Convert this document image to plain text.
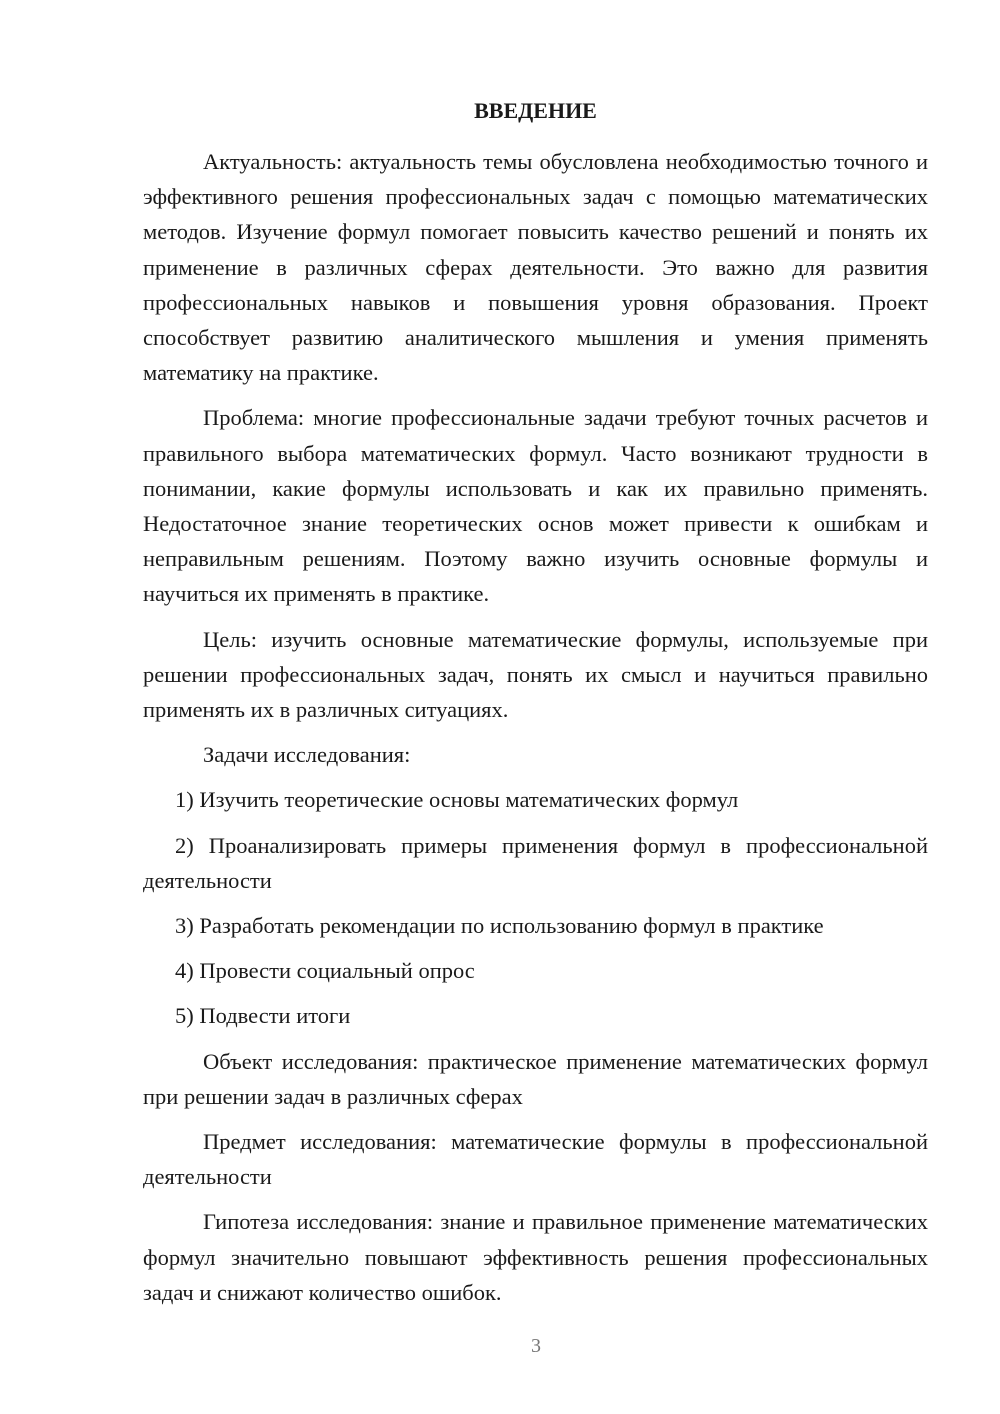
ВВЕДЕНИЕ

Актуальность: актуальность темы обусловлена необходимостью точного и эффективного решения профессиональных задач с помощью математических методов. Изучение формул помогает повысить качество решений и понять их применение в различных сферах деятельности. Это важно для развития профессиональных навыков и повышения уровня образования. Проект способствует развитию аналитического мышления и умения применять математику на практике.

Проблема: многие профессиональные задачи требуют точных расчетов и правильного выбора математических формул. Часто возникают трудности в понимании, какие формулы использовать и как их правильно применять. Недостаточное знание теоретических основ может привести к ошибкам и неправильным решениям. Поэтому важно изучить основные формулы и научиться их применять в практике.

Цель: изучить основные математические формулы, используемые при решении профессиональных задач, понять их смысл и научиться правильно применять их в различных ситуациях.

Задачи исследования:

1) Изучить теоретические основы математических формул

2) Проанализировать примеры применения формул в профессиональной деятельности

3) Разработать рекомендации по использованию формул в практике

4) Провести социальный опрос

5) Подвести итоги

Объект исследования: практическое применение математических формул при решении задач в различных сферах

Предмет исследования: математические формулы в профессиональной деятельности

Гипотеза исследования: знание и правильное применение математических формул значительно повышают эффективность решения профессиональных задач и снижают количество ошибок.

3
